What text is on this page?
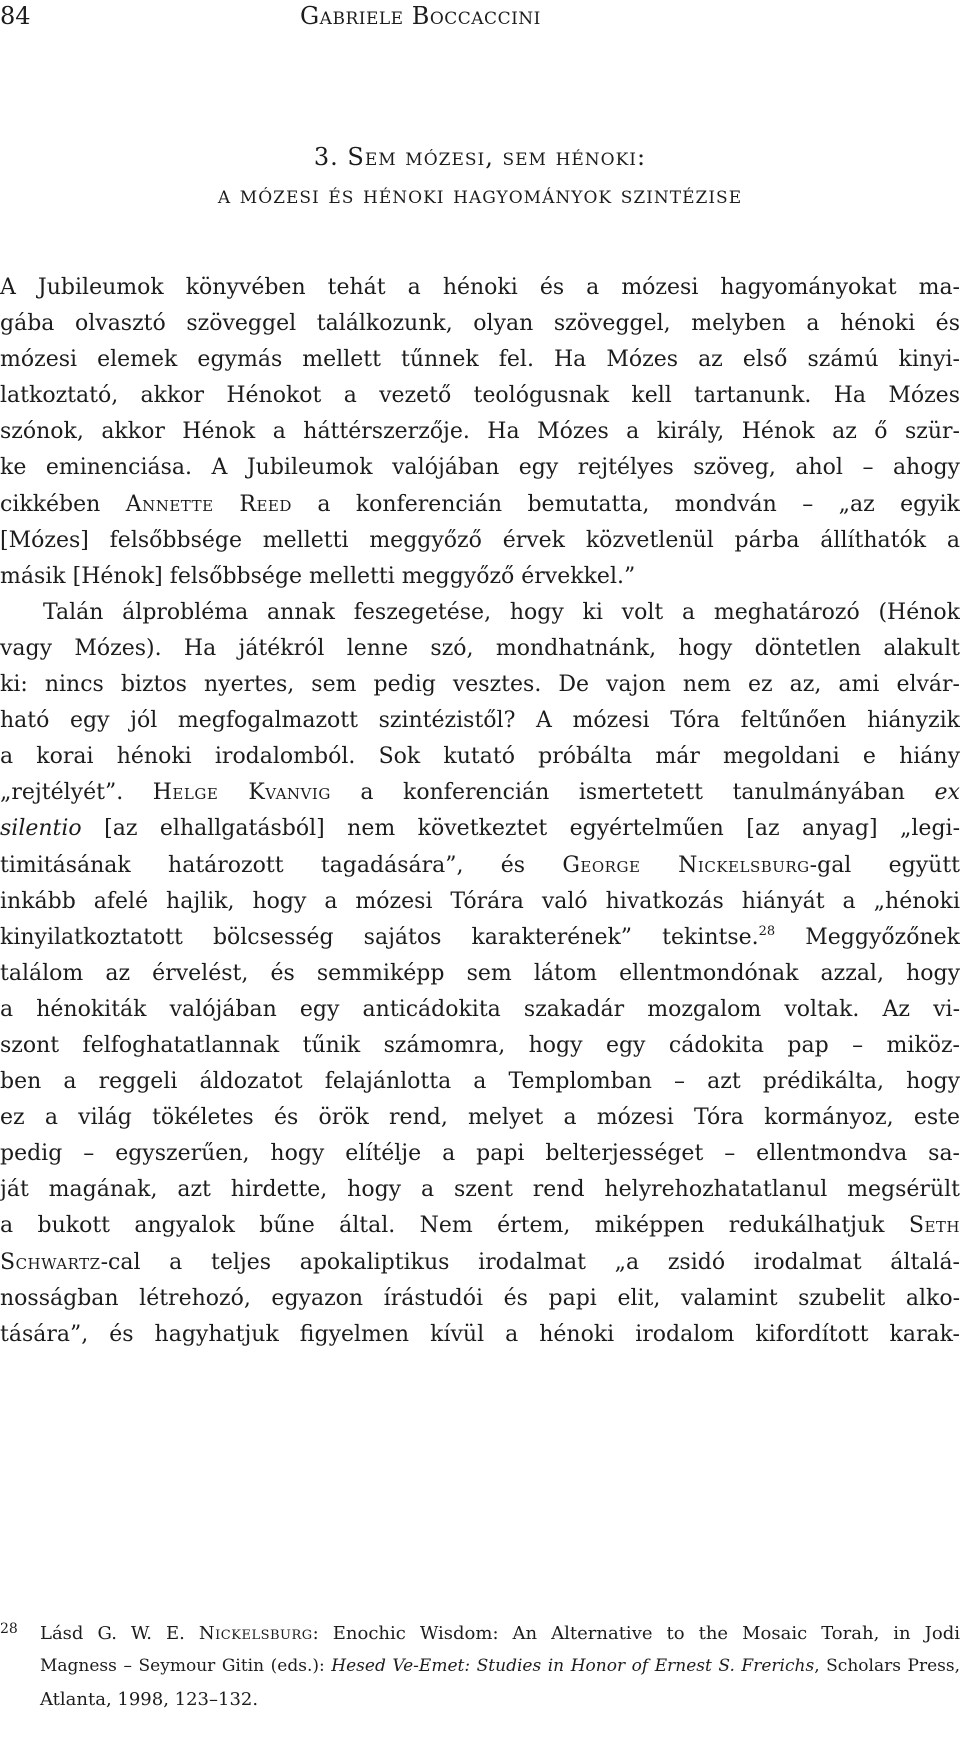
84	Gabriele Boccaccini
3. Sem mózesi, sem hénoki:
a mózesi és hénoki hagyományok szintézise
A Jubileumok könyvében tehát a hénoki és a mózesi hagyományokat ma-
gába olvasztó szöveggel találkozunk, olyan szöveggel, melyben a hénoki és
mózesi elemek egymás mellett tűnnek fel. Ha Mózes az első számú kinyi-
latkoztató, akkor Hénokot a vezető teológusnak kell tartanunk. Ha Mózes
szónok, akkor Hénok a háttérszerzője. Ha Mózes a király, Hénok az ő szür-
ke eminenciása. A Jubileumok valójában egy rejtélyes szöveg, ahol – ahogy
cikkében Annette Reed a konferencián bemutatta, mondván – „az egyik
[Mózes] felsőbbsége melletti meggyőző érvek közvetlenül párba állíthatók a
másik [Hénok] felsőbbsége melletti meggyőző érvekkel.”
Talán álprobléma annak feszegetése, hogy ki volt a meghatározó (Hénok
vagy Mózes). Ha játékról lenne szó, mondhatnánk, hogy döntetlen alakult
ki: nincs biztos nyertes, sem pedig vesztes. De vajon nem ez az, ami elvár-
ható egy jól megfogalmazott szintézistől? A mózesi Tóra feltűnően hiányzik
a korai hénoki irodalomból. Sok kutató próbálta már megoldani e hiány
„rejtélyét”. Helge Kvanvig a konferencián ismertetett tanulmányában ex
silentio [az elhallgatásból] nem következtet egyértelműen [az anyag] „legi-
timitásának határozott tagadására”, és George Nickelsburg-gal együtt
inkább afelé hajlik, hogy a mózesi Tórára való hivatkozás hiányát a „hénoki
kinyilatkoztatott bölcsesség sajátos karakterének” tekintse.$^{28}$ Meggyőzőnek
találom az érvelést, és semmiképp sem látom ellentmondónak azzal, hogy
a hénokiták valójában egy anticádokita szakadár mozgalom voltak. Az vi-
szont felfoghatatlannak tűnik számomra, hogy egy cádokita pap – miköz-
ben a reggeli áldozatot felajánlotta a Templomban – azt prédikálta, hogy
ez a világ tökéletes és örök rend, melyet a mózesi Tóra kormányoz, este
pedig – egyszerűen, hogy elítélje a papi belterjességet – ellentmondva sa-
ját magának, azt hirdette, hogy a szent rend helyrehozhatatlanul megsérült
a bukott angyalok bűne által. Nem értem, miképpen redukálhatjuk Seth
Schwartz-cal a teljes apokaliptikus irodalmat „a zsidó irodalmat általá-
nosságban létrehozó, egyazon írástudói és papi elit, valamint szubelit alko-
tására”, és hagyhatjuk figyelmen kívül a hénoki irodalom kifordított karak-
28 Lásd G. W. E. Nickelsburg: Enochic Wisdom: An Alternative to the Mosaic Torah, in Jodi
Magness – Seymour Gitin (eds.): Hesed Ve-Emet: Studies in Honor of Ernest S. Frerichs, Scholars Press,
Atlanta, 1998, 123–132.
